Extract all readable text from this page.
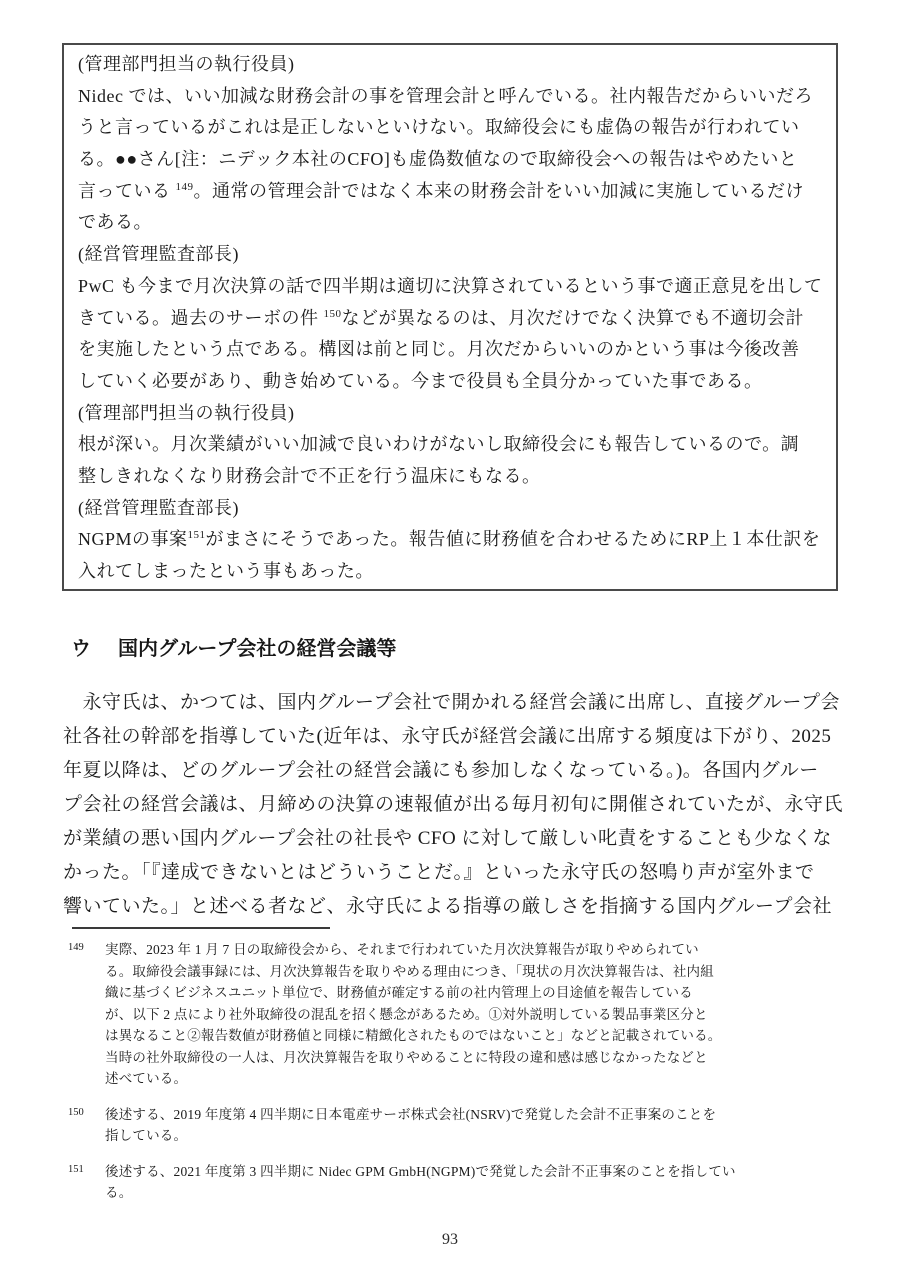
(管理部門担当の執行役員)
Nidec では、いい加減な財務会計の事を管理会計と呼んでいる。社内報告だからいいだろ
うと言っているがこれは是正しないといけない。取締役会にも虚偽の報告が行われてい
る。●●さん[注：ニデック本社のCFO]も虚偽数値なので取締役会への報告はやめたいと
言っている $^{149}$。通常の管理会計ではなく本来の財務会計をいい加減に実施しているだけ
である。
(経営管理監査部長)
PwC も今まで月次決算の話で四半期は適切に決算されているという事で適正意見を出して
きている。過去のサーボの件 $^{150}$などが異なるのは、月次だけでなく決算でも不適切会計
を実施したという点である。構図は前と同じ。月次だからいいのかという事は今後改善
していく必要があり、動き始めている。今まで役員も全員分かっていた事である。
(管理部門担当の執行役員)
根が深い。月次業績がいい加減で良いわけがないし取締役会にも報告しているので。調
整しきれなくなり財務会計で不正を行う温床にもなる。
(経営管理監査部長)
NGPMの事案$^{151}$がまさにそうであった。報告値に財務値を合わせるためにRP上１本仕訳を
入れてしまったという事もあった。
ウ 国内グループ会社の経営会議等
　永守氏は、かつては、国内グループ会社で開かれる経営会議に出席し、直接グループ会
社各社の幹部を指導していた(近年は、永守氏が経営会議に出席する頻度は下がり、2025
年夏以降は、どのグループ会社の経営会議にも参加しなくなっている。)。各国内グルー
プ会社の経営会議は、月締めの決算の速報値が出る毎月初旬に開催されていたが、永守氏
が業績の悪い国内グループ会社の社長や CFO に対して厳しい叱責をすることも少なくな
かった。「『達成できないとはどういうことだ。』といった永守氏の怒鳴り声が室外まで
響いていた。」と述べる者など、永守氏による指導の厳しさを指摘する国内グループ会社
149	実際、2023 年 1 月 7 日の取締役会から、それまで行われていた月次決算報告が取りやめられてい
る。取締役会議事録には、月次決算報告を取りやめる理由につき、「現状の月次決算報告は、社内組
織に基づくビジネスユニット単位で、財務値が確定する前の社内管理上の目途値を報告している
が、以下 2 点により社外取締役の混乱を招く懸念があるため。①対外説明している製品事業区分と
は異なること②報告数値が財務値と同様に精緻化されたものではないこと」などと記載されている。
当時の社外取締役の一人は、月次決算報告を取りやめることに特段の違和感は感じなかったなどと
述べている。
150	後述する、2019 年度第 4 四半期に日本電産サーボ株式会社(NSRV)で発覚した会計不正事案のことを
指している。
151	後述する、2021 年度第 3 四半期に Nidec GPM GmbH(NGPM)で発覚した会計不正事案のことを指してい
る。
93
